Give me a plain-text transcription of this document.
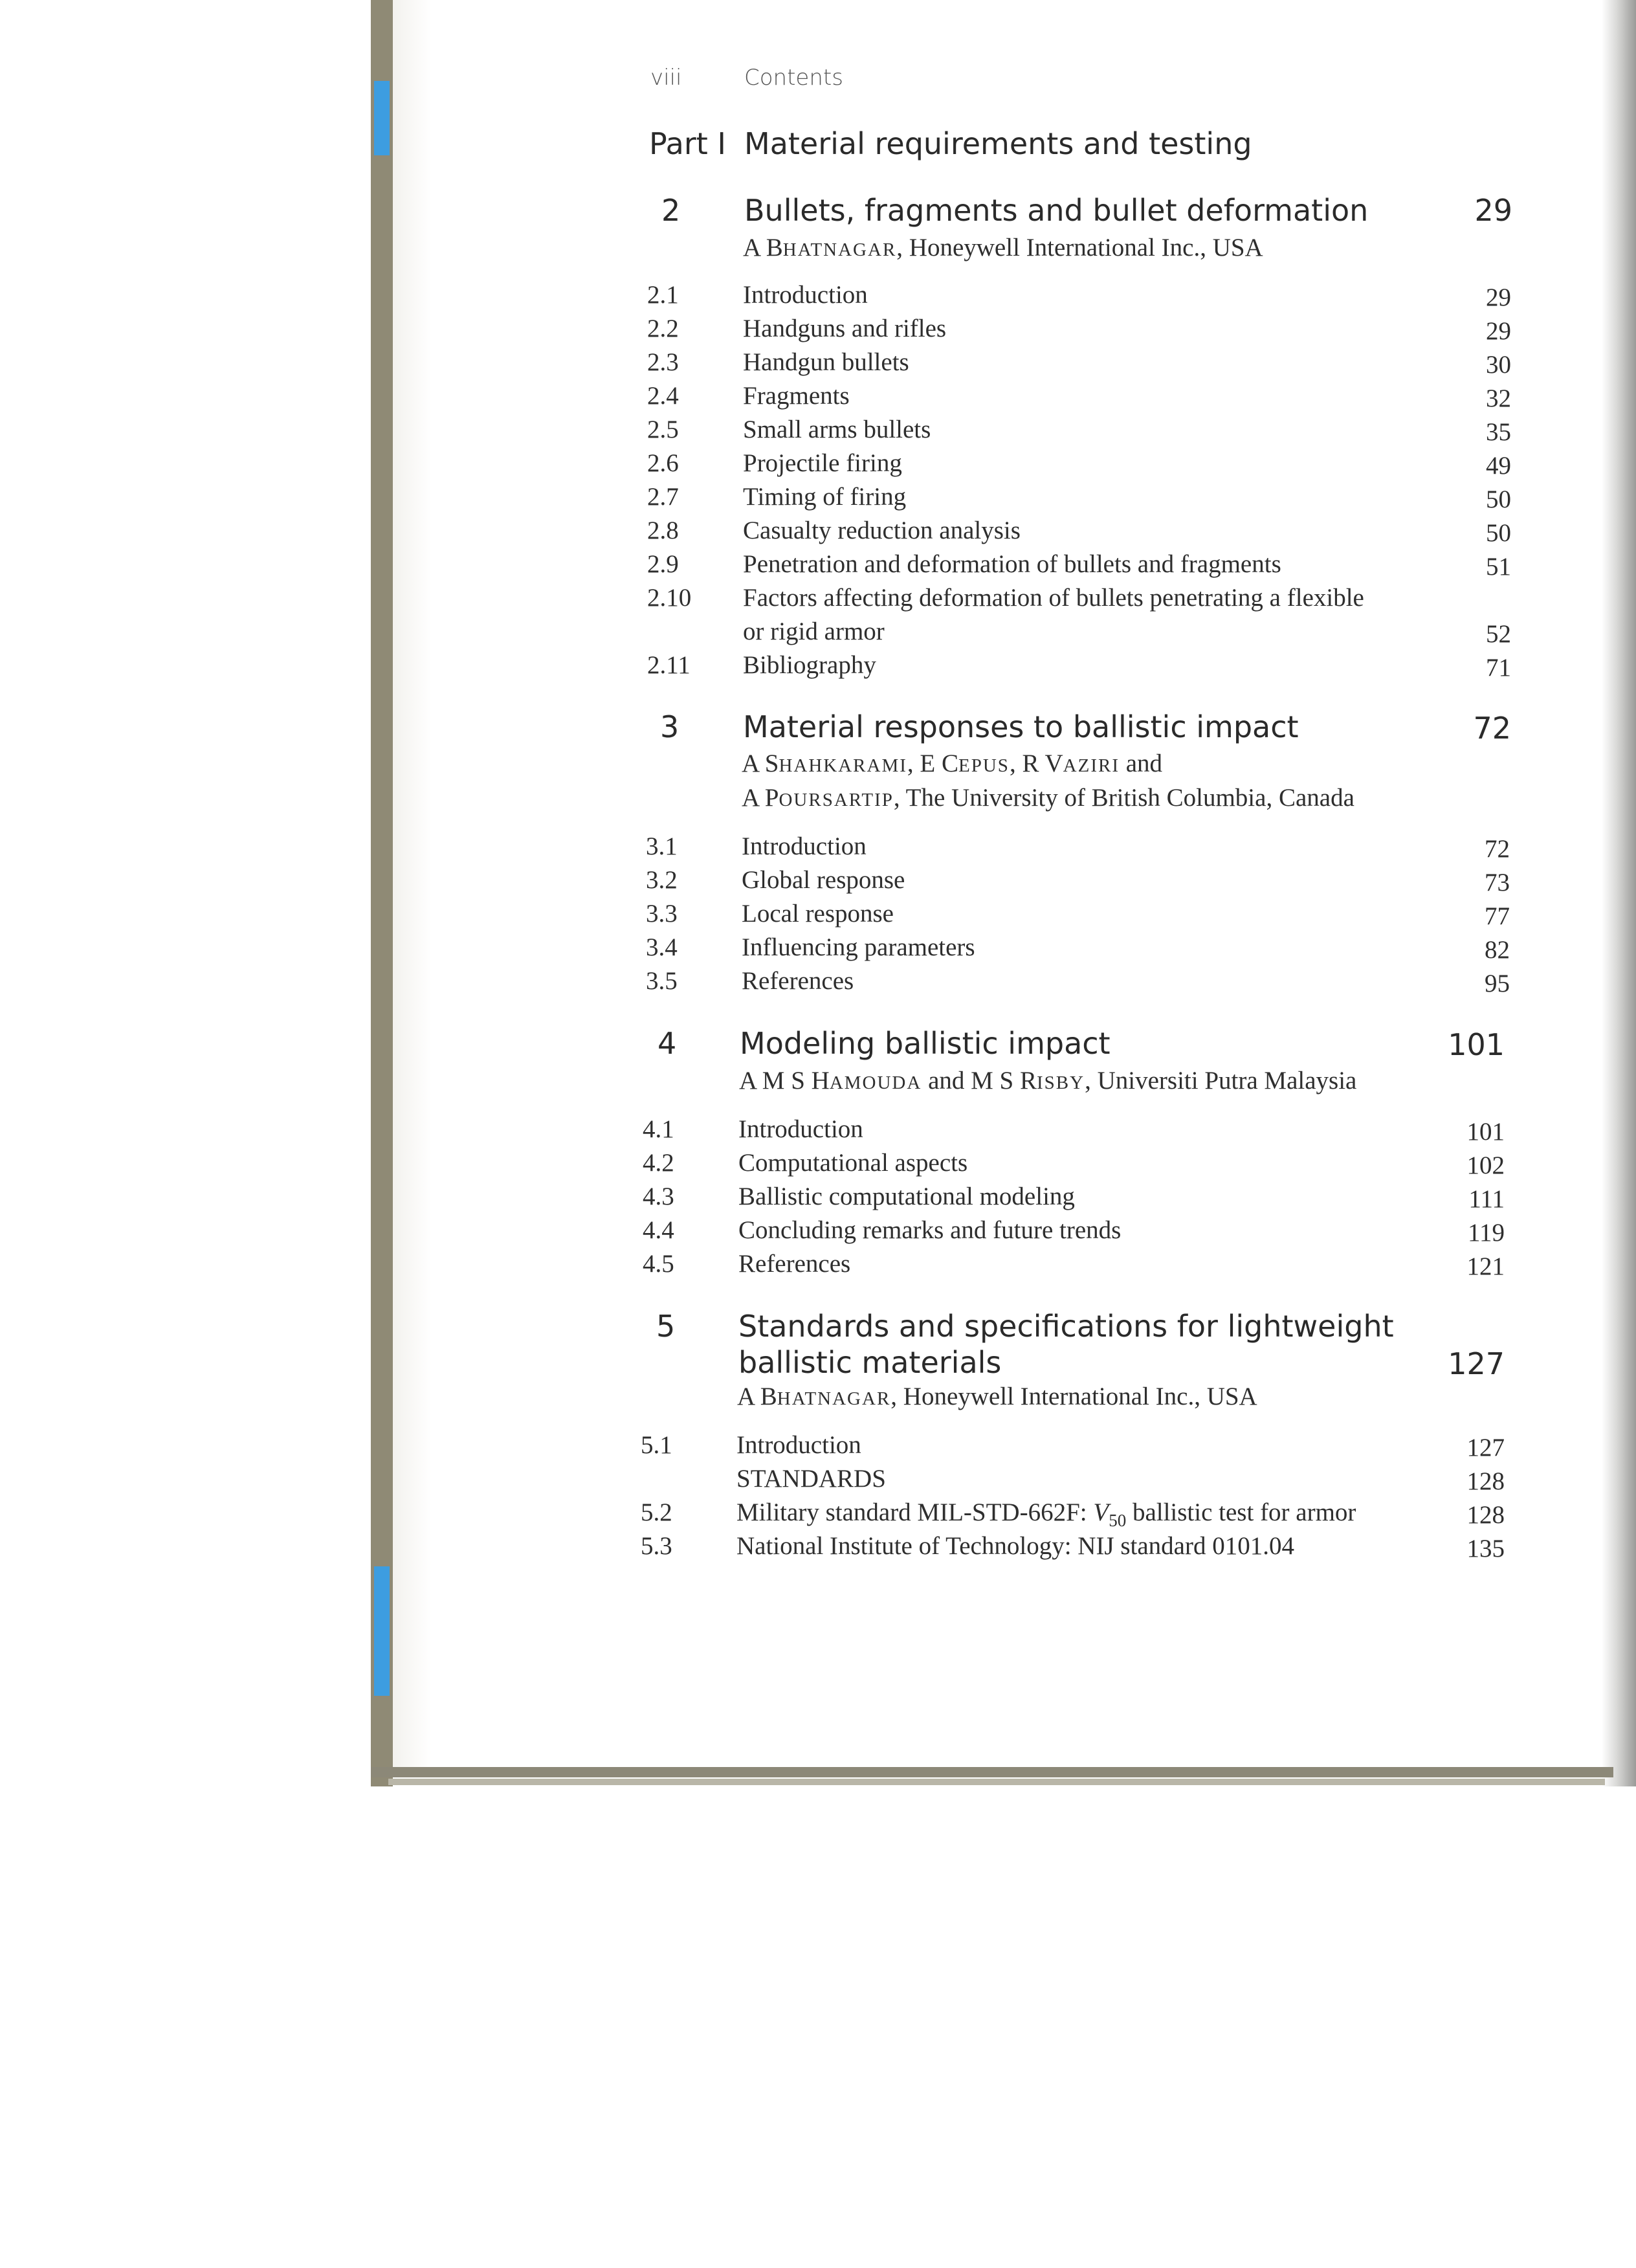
viii	Contents
Part I Material requirements and testing
2 Bullets, fragments and bullet deformation	29
A BHATNAGAR, Honeywell International Inc., USA
2.1	Introduction	29
2.2	Handguns and rifles	29
2.3	Handgun bullets	30
2.4	Fragments	32
2.5	Small arms bullets	35
2.6	Projectile firing	49
2.7	Timing of firing	50
2.8	Casualty reduction analysis	50
2.9	Penetration and deformation of bullets and fragments	51
2.10 Factors affecting deformation of bullets penetrating a flexible
or rigid armor	52
2.11 Bibliography	71
3 Material responses to ballistic impact	72
A SHAHKARAMI, E CEPUS, R VAZIRI and
A POURSARTIP, The University of British Columbia, Canada
3.1	Introduction	72
3.2	Global response	73
3.3	Local response	77
3.4	Influencing parameters	82
3.5	References	95
4 Modeling ballistic impact	101
A M S HAMOUDA and M S RISBY, Universiti Putra Malaysia
4.1	Introduction	101
4.2	Computational aspects	102
4.3	Ballistic computational modeling	111
4.4	Concluding remarks and future trends	119
4.5	References	121
5 Standards and specifications for lightweight
ballistic materials	127
A BHATNAGAR, Honeywell International Inc., USA
5.1	Introduction	127
STANDARDS	128
5.2	Military standard MIL-STD-662F: $V_{50}$ ballistic test for armor	128
5.3	National Institute of Technology: NIJ standard 0101.04	135
